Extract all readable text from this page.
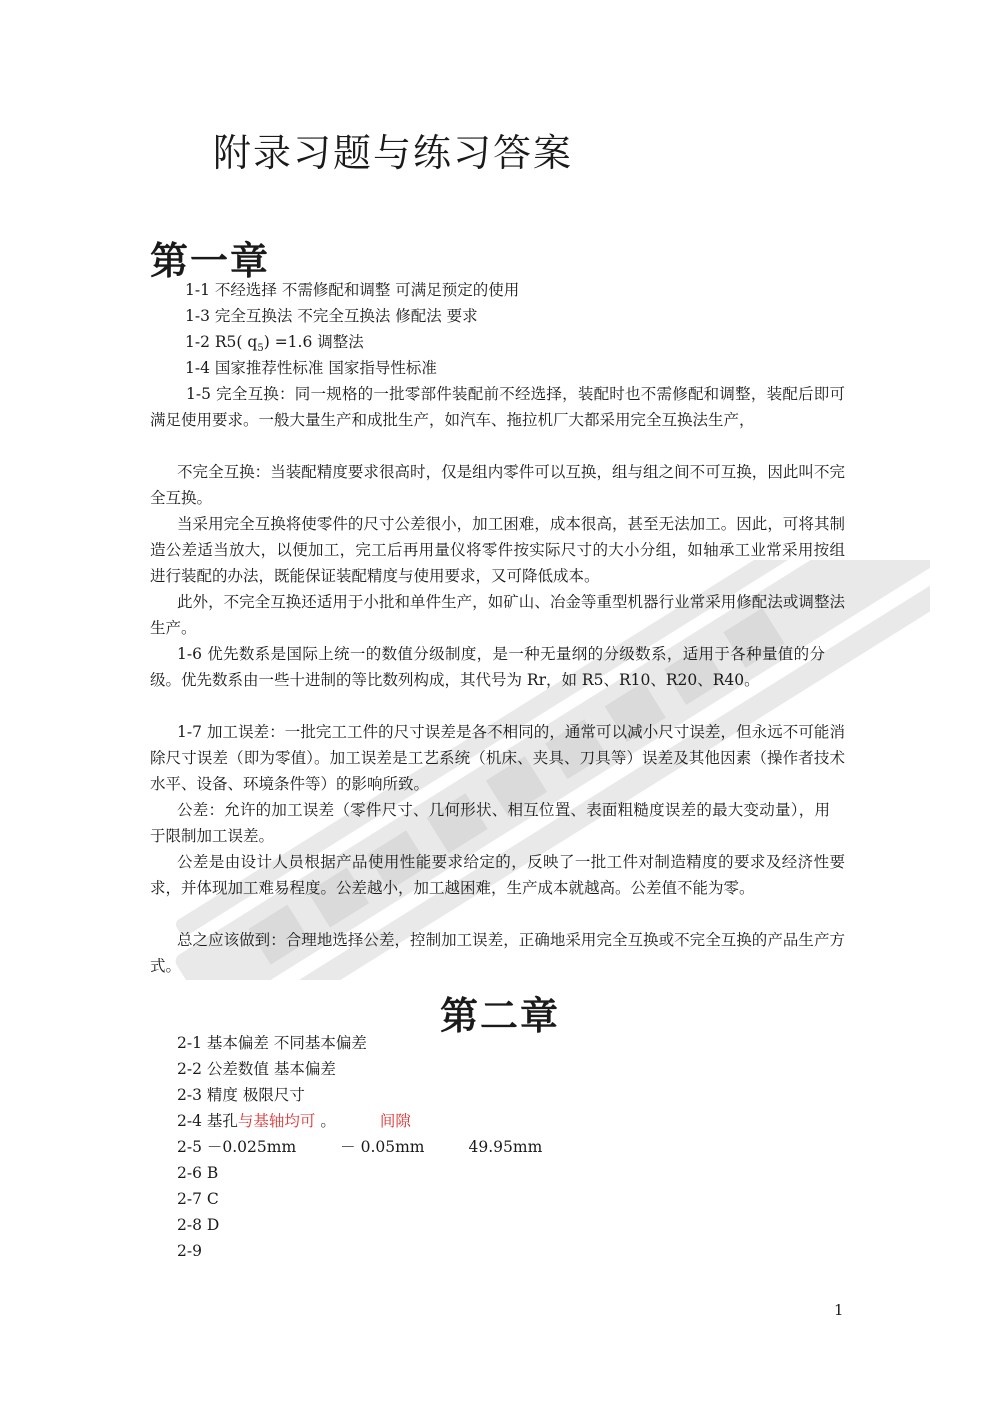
附录习题与练习答案
第一章
1-1 不经选择 不需修配和调整 可满足预定的使用
1-3 完全互换法 不完全互换法 修配法 要求
1-2 R5( $q_5) =1.6$ 调整法
1-4 国家推荐性标准 国家指导性标准

1-5 完全互换：同一规格的一批零部件装配前不经选择，装配时也不需修配和调整，装配后即可满足使用要求。一般大量生产和成批生产，如汽车、拖拉机厂大都采用完全互换法生产，

不完全互换：当装配精度要求很高时，仅是组内零件可以互换，组与组之间不可互换，因此叫不完全互换。

当采用完全互换将使零件的尺寸公差很小，加工困难，成本很高，甚至无法加工。因此，可将其制造公差适当放大，以便加工，完工后再用量仪将零件按实际尺寸的大小分组，如轴承工业常采用按组进行装配的办法，既能保证装配精度与使用要求，又可降低成本。

此外，不完全互换还适用于小批和单件生产，如矿山、冶金等重型机器行业常采用修配法或调整法生产。

1-6 优先数系是国际上统一的数值分级制度，是一种无量纲的分级数系，适用于各种量值的分级。优先数系由一些十进制的等比数列构成，其代号为 Rr，如 R5、R10、R20、R40。

1-7 加工误差：一批完工工件的尺寸误差是各不相同的，通常可以减小尺寸误差，但永远不可能消除尺寸误差（即为零值）。加工误差是工艺系统（机床、夹具、刀具等）误差及其他因素（操作者技术水平、设备、环境条件等）的影响所致。

公差：允许的加工误差（零件尺寸、几何形状、相互位置、表面粗糙度误差的最大变动量），用于限制加工误差。

公差是由设计人员根据产品使用性能要求给定的，反映了一批工件对制造精度的要求及经济性要求，并体现加工难易程度。公差越小，加工越困难，生产成本就越高。公差值不能为零。

总之应该做到：合理地选择公差，控制加工误差，正确地采用完全互换或不完全互换的产品生产方式。

第二章
2-1 基本偏差 不同基本偏差
2-2 公差数值 基本偏差
2-3 精度 极限尺寸
2-4 基孔与基轴均可 。	间隙
2-5 －0.025mm	－ 0.05mm	49.95mm
2-6 B
2-7 C
2-8 D
2-9
1
